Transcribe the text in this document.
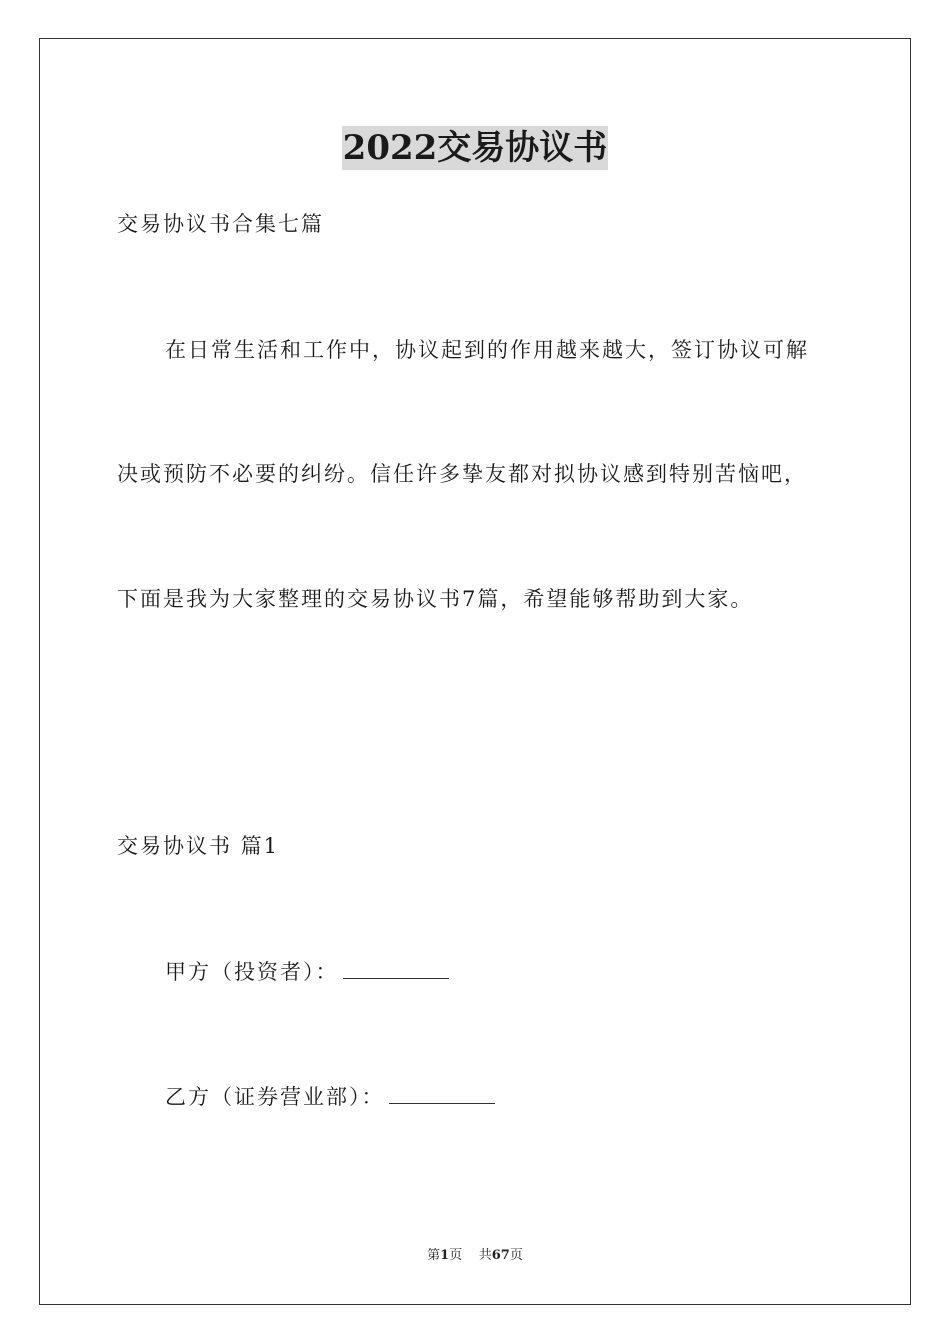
2022交易协议书
交易协议书合集七篇
在日常生活和工作中，协议起到的作用越来越大，签订协议可解
决或预防不必要的纠纷。信任许多挚友都对拟协议感到特别苦恼吧，
下面是我为大家整理的交易协议书7篇，希望能够帮助到大家。
交易协议书 篇1
甲方（投资者）：
乙方（证券营业部）：
第1页 共67页
